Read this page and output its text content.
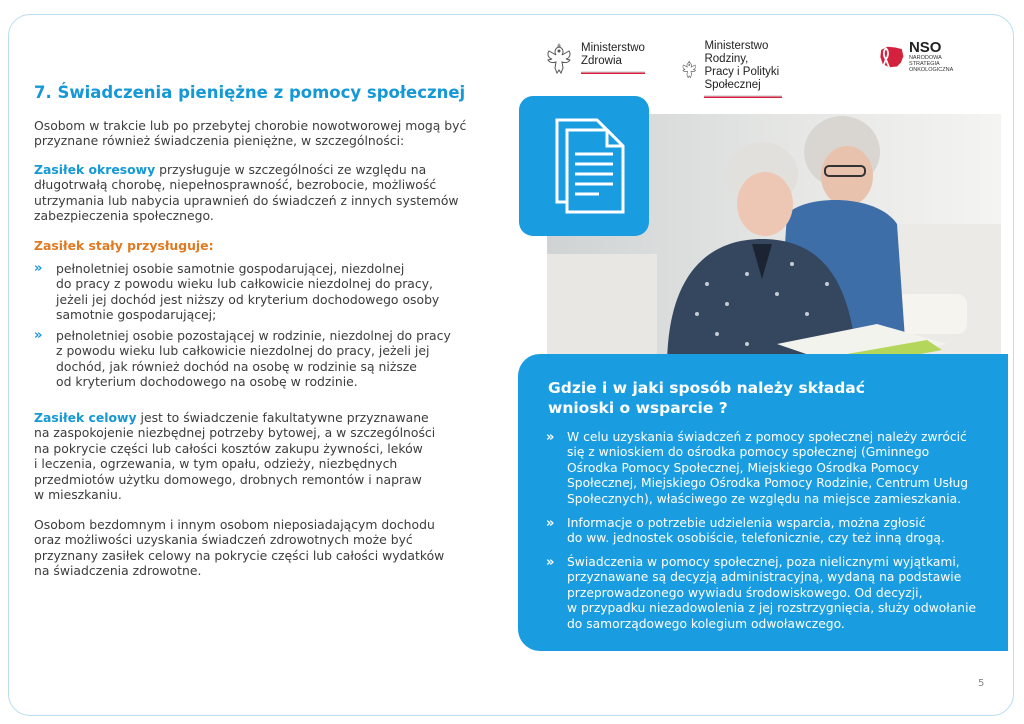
Ministerstwo
Zdrowia
Ministerstwo Rodziny,
Pracy i Polityki Społecznej
NSO
NARODOWA STRATEGIA
ONKOLOGICZNA
7. Świadczenia pieniężne z pomocy społecznej
Osobom w trakcie lub po przebytej chorobie nowotworowej mogą być
przyznane również świadczenia pieniężne, w szczególności:
Zasiłek okresowy przysługuje w szczególności ze względu na
długotrwałą chorobę, niepełnosprawność, bezrobocie, możliwość
utrzymania lub nabycia uprawnień do świadczeń z innych systemów
zabezpieczenia społecznego.
Zasiłek stały przysługuje:
»	pełnoletniej osobie samotnie gospodarującej, niezdolnej
do pracy z powodu wieku lub całkowicie niezdolnej do pracy,
jeżeli jej dochód jest niższy od kryterium dochodowego osoby
samotnie gospodarującej;
»	pełnoletniej osobie pozostającej w rodzinie, niezdolnej do pracy
z powodu wieku lub całkowicie niezdolnej do pracy, jeżeli jej
dochód, jak również dochód na osobę w rodzinie są niższe
od kryterium dochodowego na osobę w rodzinie.
Zasiłek celowy jest to świadczenie fakultatywne przyznawane
na zaspokojenie niezbędnej potrzeby bytowej, a w szczególności
na pokrycie części lub całości kosztów zakupu żywności, leków
i leczenia, ogrzewania, w tym opału, odzieży, niezbędnych
przedmiotów użytku domowego, drobnych remontów i napraw
w mieszkaniu.
Osobom bezdomnym i innym osobom nieposiadającym dochodu
oraz możliwości uzyskania świadczeń zdrowotnych może być
przyznany zasiłek celowy na pokrycie części lub całości wydatków
na świadczenia zdrowotne.
Gdzie i w jaki sposób należy składać
wnioski o wsparcie ?
»	W celu uzyskania świadczeń z pomocy społecznej należy zwrócić
się z wnioskiem do ośrodka pomocy społecznej (Gminnego
Ośrodka Pomocy Społecznej, Miejskiego Ośrodka Pomocy
Społecznej, Miejskiego Ośrodka Pomocy Rodzinie, Centrum Usług
Społecznych), właściwego ze względu na miejsce zamieszkania.
»	Informacje o potrzebie udzielenia wsparcia, można zgłosić
do ww. jednostek osobiście, telefonicznie, czy też inną drogą.
»	Świadczenia w pomocy społecznej, poza nielicznymi wyjątkami,
przyznawane są decyzją administracyjną, wydaną na podstawie
przeprowadzonego wywiadu środowiskowego. Od decyzji,
w przypadku niezadowolenia z jej rozstrzygnięcia, służy odwołanie
do samorządowego kolegium odwoławczego.
5
